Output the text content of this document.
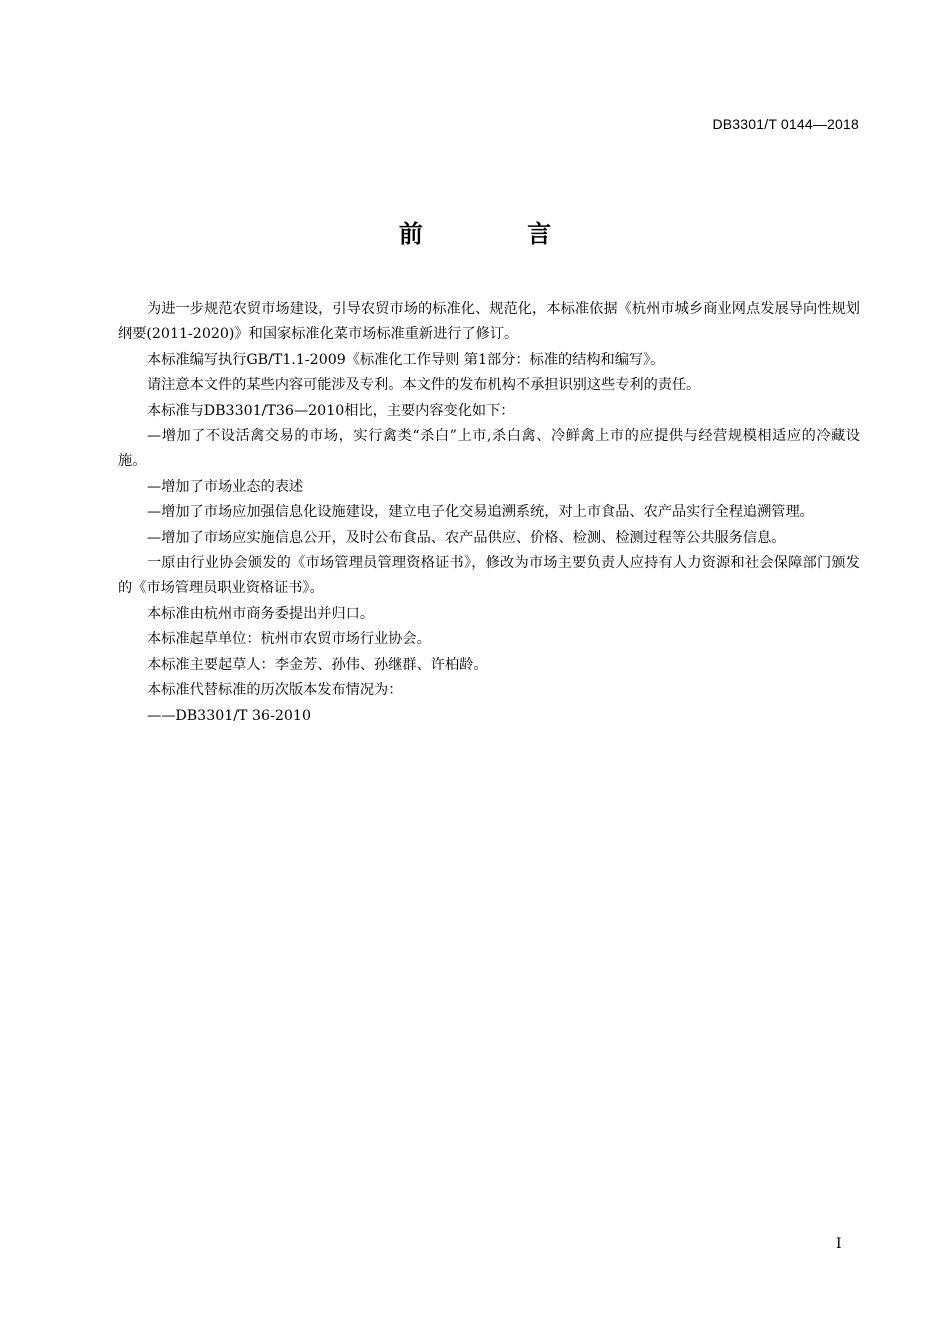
DB3301/T 0144—2018
前 言

为进一步规范农贸市场建设，引导农贸市场的标准化、规范化，本标准依据《杭州市城乡商业网点发展导向性规划纲要(2011-2020)》和国家标准化菜市场标准重新进行了修订。

本标准编写执行GB/T1.1-2009《标准化工作导则 第1部分：标准的结构和编写》。

请注意本文件的某些内容可能涉及专利。本文件的发布机构不承担识别这些专利的责任。

本标准与DB3301/T36—2010相比，主要内容变化如下：

—增加了不设活禽交易的市场，实行禽类“杀白”上市,杀白禽、冷鲜禽上市的应提供与经营规模相适应的冷藏设施。

—增加了市场业态的表述

—增加了市场应加强信息化设施建设，建立电子化交易追溯系统，对上市食品、农产品实行全程追溯管理。

—增加了市场应实施信息公开，及时公布食品、农产品供应、价格、检测、检测过程等公共服务信息。

一原由行业协会颁发的《市场管理员管理资格证书》，修改为市场主要负责人应持有人力资源和社会保障部门颁发的《市场管理员职业资格证书》。

本标准由杭州市商务委提出并归口。

本标准起草单位：杭州市农贸市场行业协会。

本标准主要起草人：李金芳、孙伟、孙继群、许柏龄。

本标准代替标准的历次版本发布情况为：

——DB3301/T 36-2010

I
